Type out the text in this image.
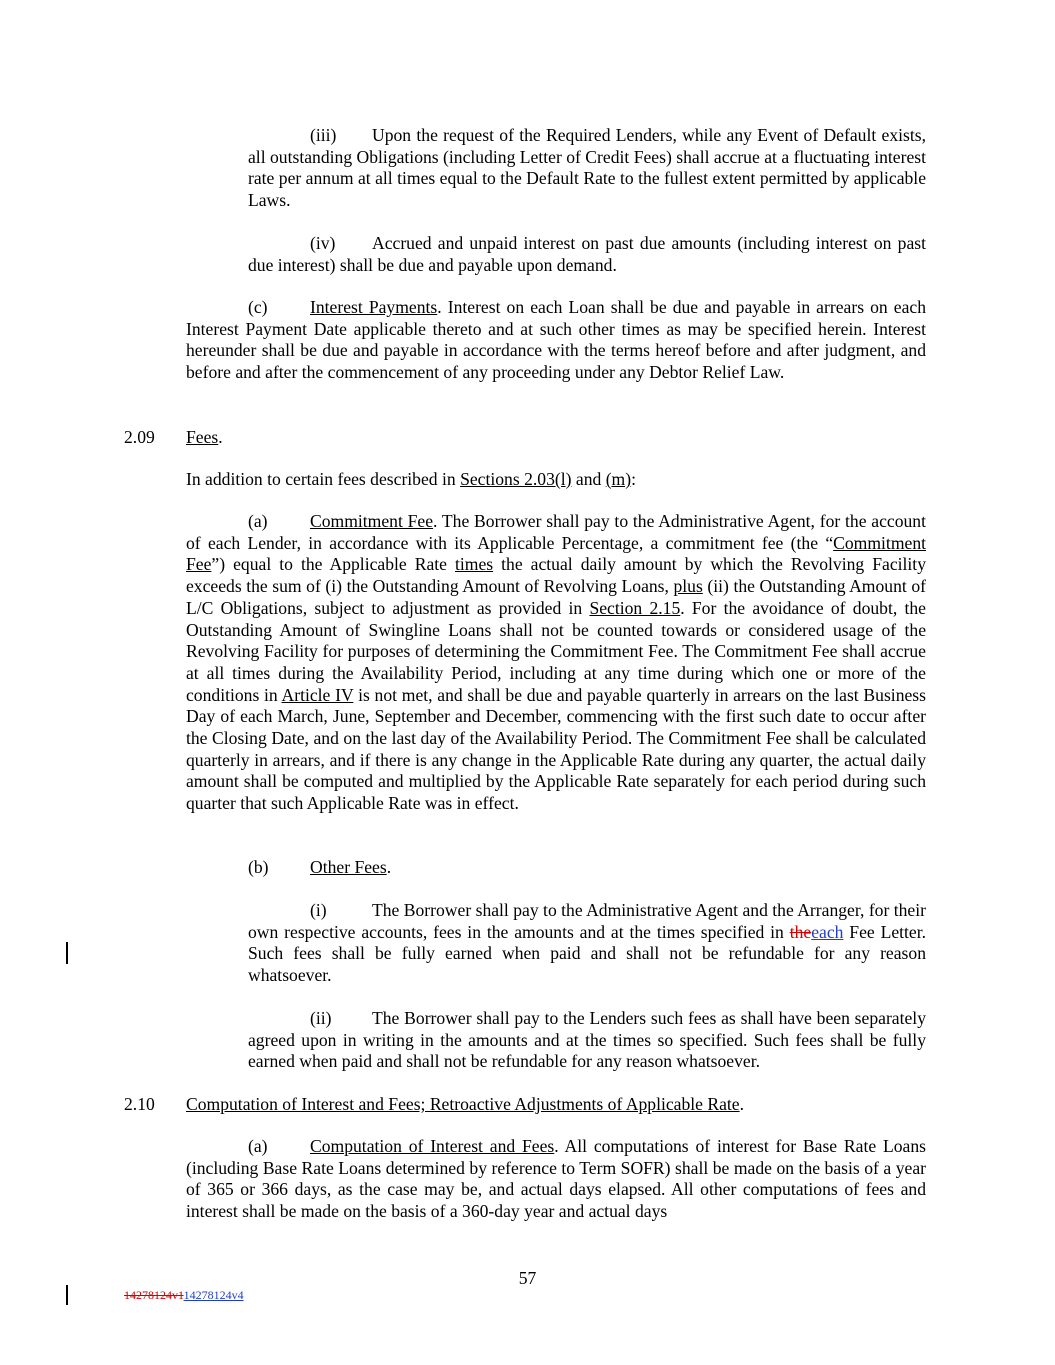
(iii) Upon the request of the Required Lenders, while any Event of Default exists, all outstanding Obligations (including Letter of Credit Fees) shall accrue at a fluctuating interest rate per annum at all times equal to the Default Rate to the fullest extent permitted by applicable Laws.

(iv) Accrued and unpaid interest on past due amounts (including interest on past due interest) shall be due and payable upon demand.

(c) Interest Payments. Interest on each Loan shall be due and payable in arrears on each Interest Payment Date applicable thereto and at such other times as may be specified herein. Interest hereunder shall be due and payable in accordance with the terms hereof before and after judgment, and before and after the commencement of any proceeding under any Debtor Relief Law.

2.09 Fees.

In addition to certain fees described in Sections 2.03(l) and (m):

(a) Commitment Fee. The Borrower shall pay to the Administrative Agent, for the account of each Lender, in accordance with its Applicable Percentage, a commitment fee (the “Commitment Fee”) equal to the Applicable Rate times the actual daily amount by which the Revolving Facility exceeds the sum of (i) the Outstanding Amount of Revolving Loans, plus (ii) the Outstanding Amount of L/C Obligations, subject to adjustment as provided in Section 2.15. For the avoidance of doubt, the Outstanding Amount of Swingline Loans shall not be counted towards or considered usage of the Revolving Facility for purposes of determining the Commitment Fee. The Commitment Fee shall accrue at all times during the Availability Period, including at any time during which one or more of the conditions in Article IV is not met, and shall be due and payable quarterly in arrears on the last Business Day of each March, June, September and December, commencing with the first such date to occur after the Closing Date, and on the last day of the Availability Period. The Commitment Fee shall be calculated quarterly in arrears, and if there is any change in the Applicable Rate during any quarter, the actual daily amount shall be computed and multiplied by the Applicable Rate separately for each period during such quarter that such Applicable Rate was in effect.

(b) Other Fees.

(i)	The Borrower shall pay to the Administrative Agent and the Arranger, for their own respective accounts, fees in the amounts and at the times specified in theeach Fee Letter. Such fees shall be fully earned when paid and shall not be refundable for any reason whatsoever.

(ii) The Borrower shall pay to the Lenders such fees as shall have been separately agreed upon in writing in the amounts and at the times so specified. Such fees shall be fully earned when paid and shall not be refundable for any reason whatsoever.

2.10 Computation of Interest and Fees; Retroactive Adjustments of Applicable Rate.

(a) Computation of Interest and Fees. All computations of interest for Base Rate Loans (including Base Rate Loans determined by reference to Term SOFR) shall be made on the basis of a year of 365 or 366 days, as the case may be, and actual days elapsed. All other computations of fees and interest shall be made on the basis of a 360-day year and actual days

57
14278124v114278124v4
